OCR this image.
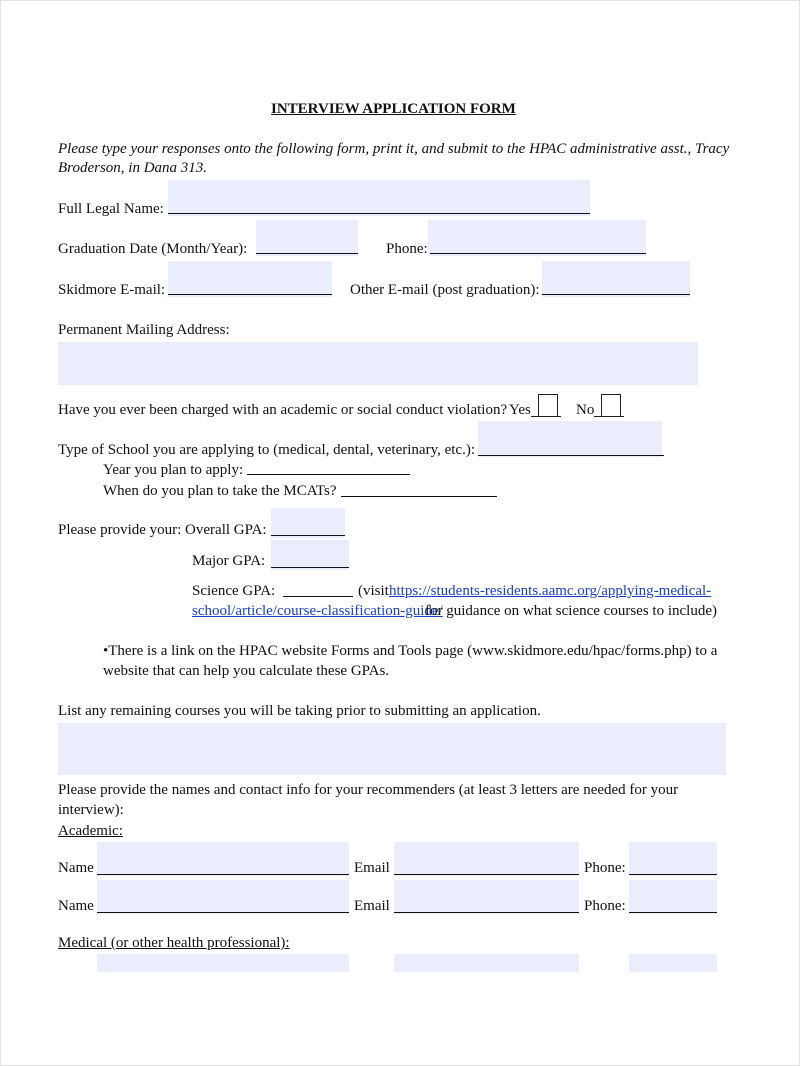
INTERVIEW APPLICATION FORM
Please type your responses onto the following form, print it, and submit to the HPAC administrative asst., Tracy
Broderson, in Dana 313.
Full Legal Name:
Graduation Date (Month/Year):	Phone:
Skidmore E-mail:	Other E-mail (post graduation):
Permanent Mailing Address:
Have you ever been charged with an academic or social conduct violation? Yes	No
Type of School you are applying to (medical, dental, veterinary, etc.):
Year you plan to apply:
When do you plan to take the MCATs?
Please provide your: Overall GPA:
Major GPA:
Science GPA:	(visit https://students-residents.aamc.org/applying-medical-
school/article/course-classification-guide/
for guidance on what science courses to include)
•There is a link on the HPAC website Forms and Tools page (www.skidmore.edu/hpac/forms.php) to a
website that can help you calculate these GPAs.
List any remaining courses you will be taking prior to submitting an application.
Please provide the names and contact info for your recommenders (at least 3 letters are needed for your
interview):
Academic:
Name	Email	Phone:
Name	Email	Phone:
Medical (or other health professional):
